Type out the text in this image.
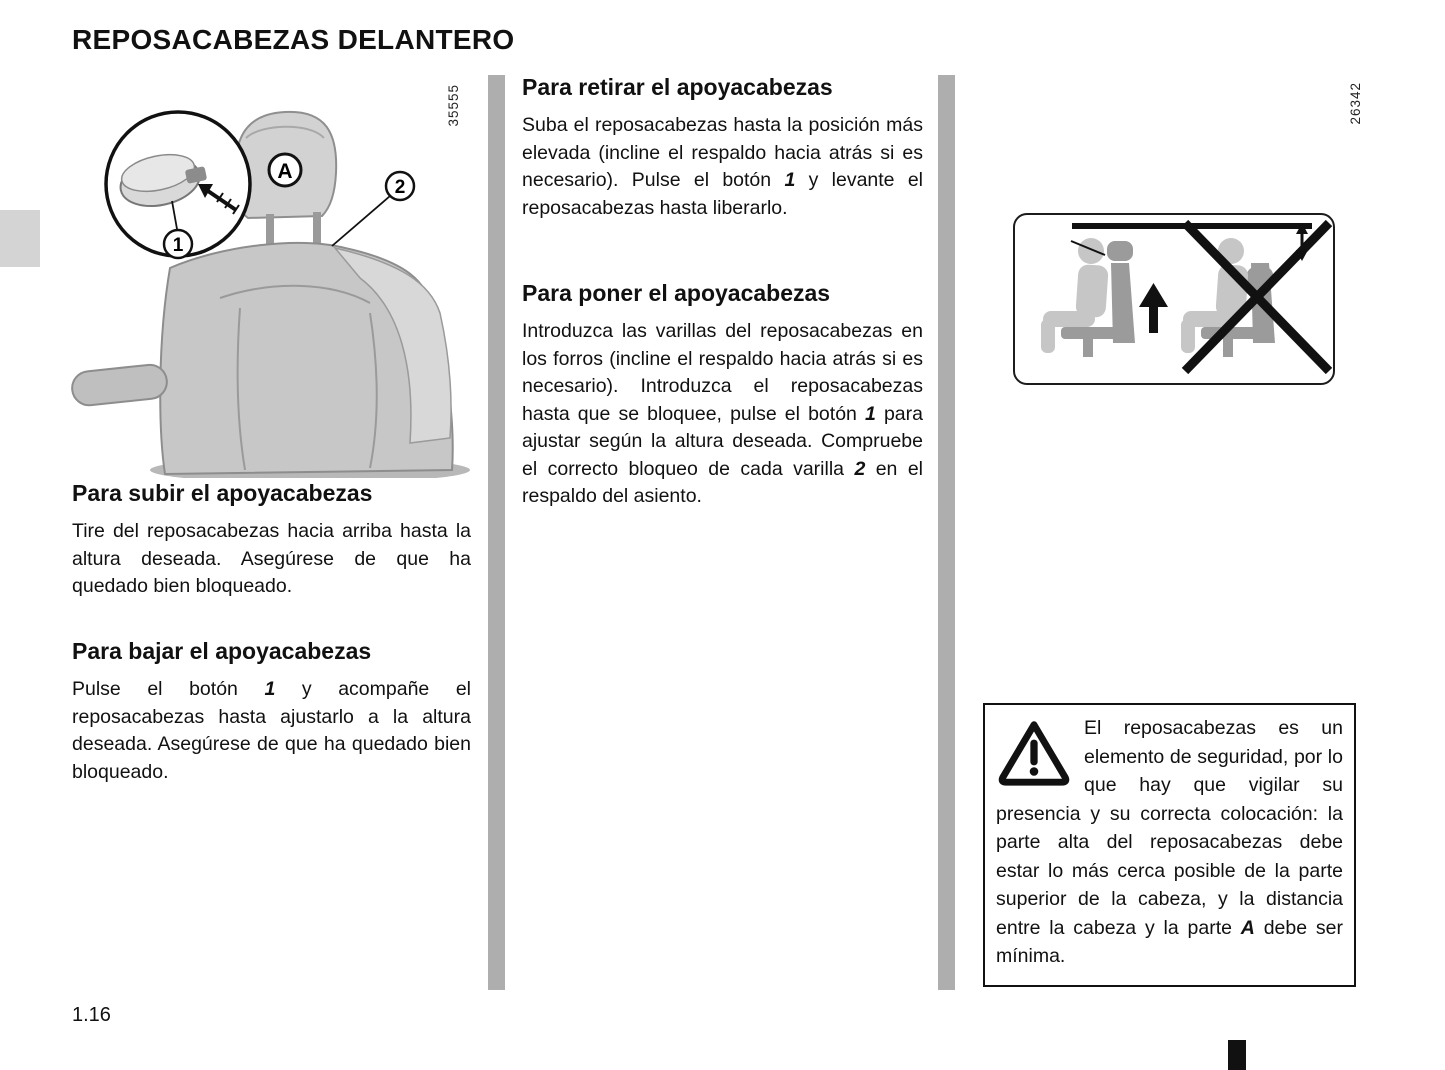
REPOSACABEZAS DELANTERO
35555	26342
A
2
1
Para subir el apoyacabezas

Tire del reposacabezas hacia arriba hasta la altura deseada. Asegúrese de que ha quedado bien bloqueado.

Para bajar el apoyacabezas

Pulse el botón 1 y acompañe el reposacabezas hasta ajustarlo a la altura deseada. Asegúrese de que ha quedado bien bloqueado.

Para retirar el apoyacabezas

Suba el reposacabezas hasta la posición más elevada (incline el respaldo hacia atrás si es necesario). Pulse el botón 1 y levante el reposacabezas hasta liberarlo.

Para poner el apoyacabezas

Introduzca las varillas del reposacabezas en los forros (incline el respaldo hacia atrás si es necesario). Introduzca el reposacabezas hasta que se bloquee, pulse el botón 1 para ajustar según la altura deseada. Compruebe el correcto bloqueo de cada varilla 2 en el respaldo del asiento.

El reposacabezas es un elemento de seguridad, por lo que hay que vigilar su presencia y su correcta colocación: la parte alta del reposacabezas debe estar lo más cerca posible de la parte superior de la cabeza, y la distancia entre la cabeza y la parte A debe ser mínima.
1.16
